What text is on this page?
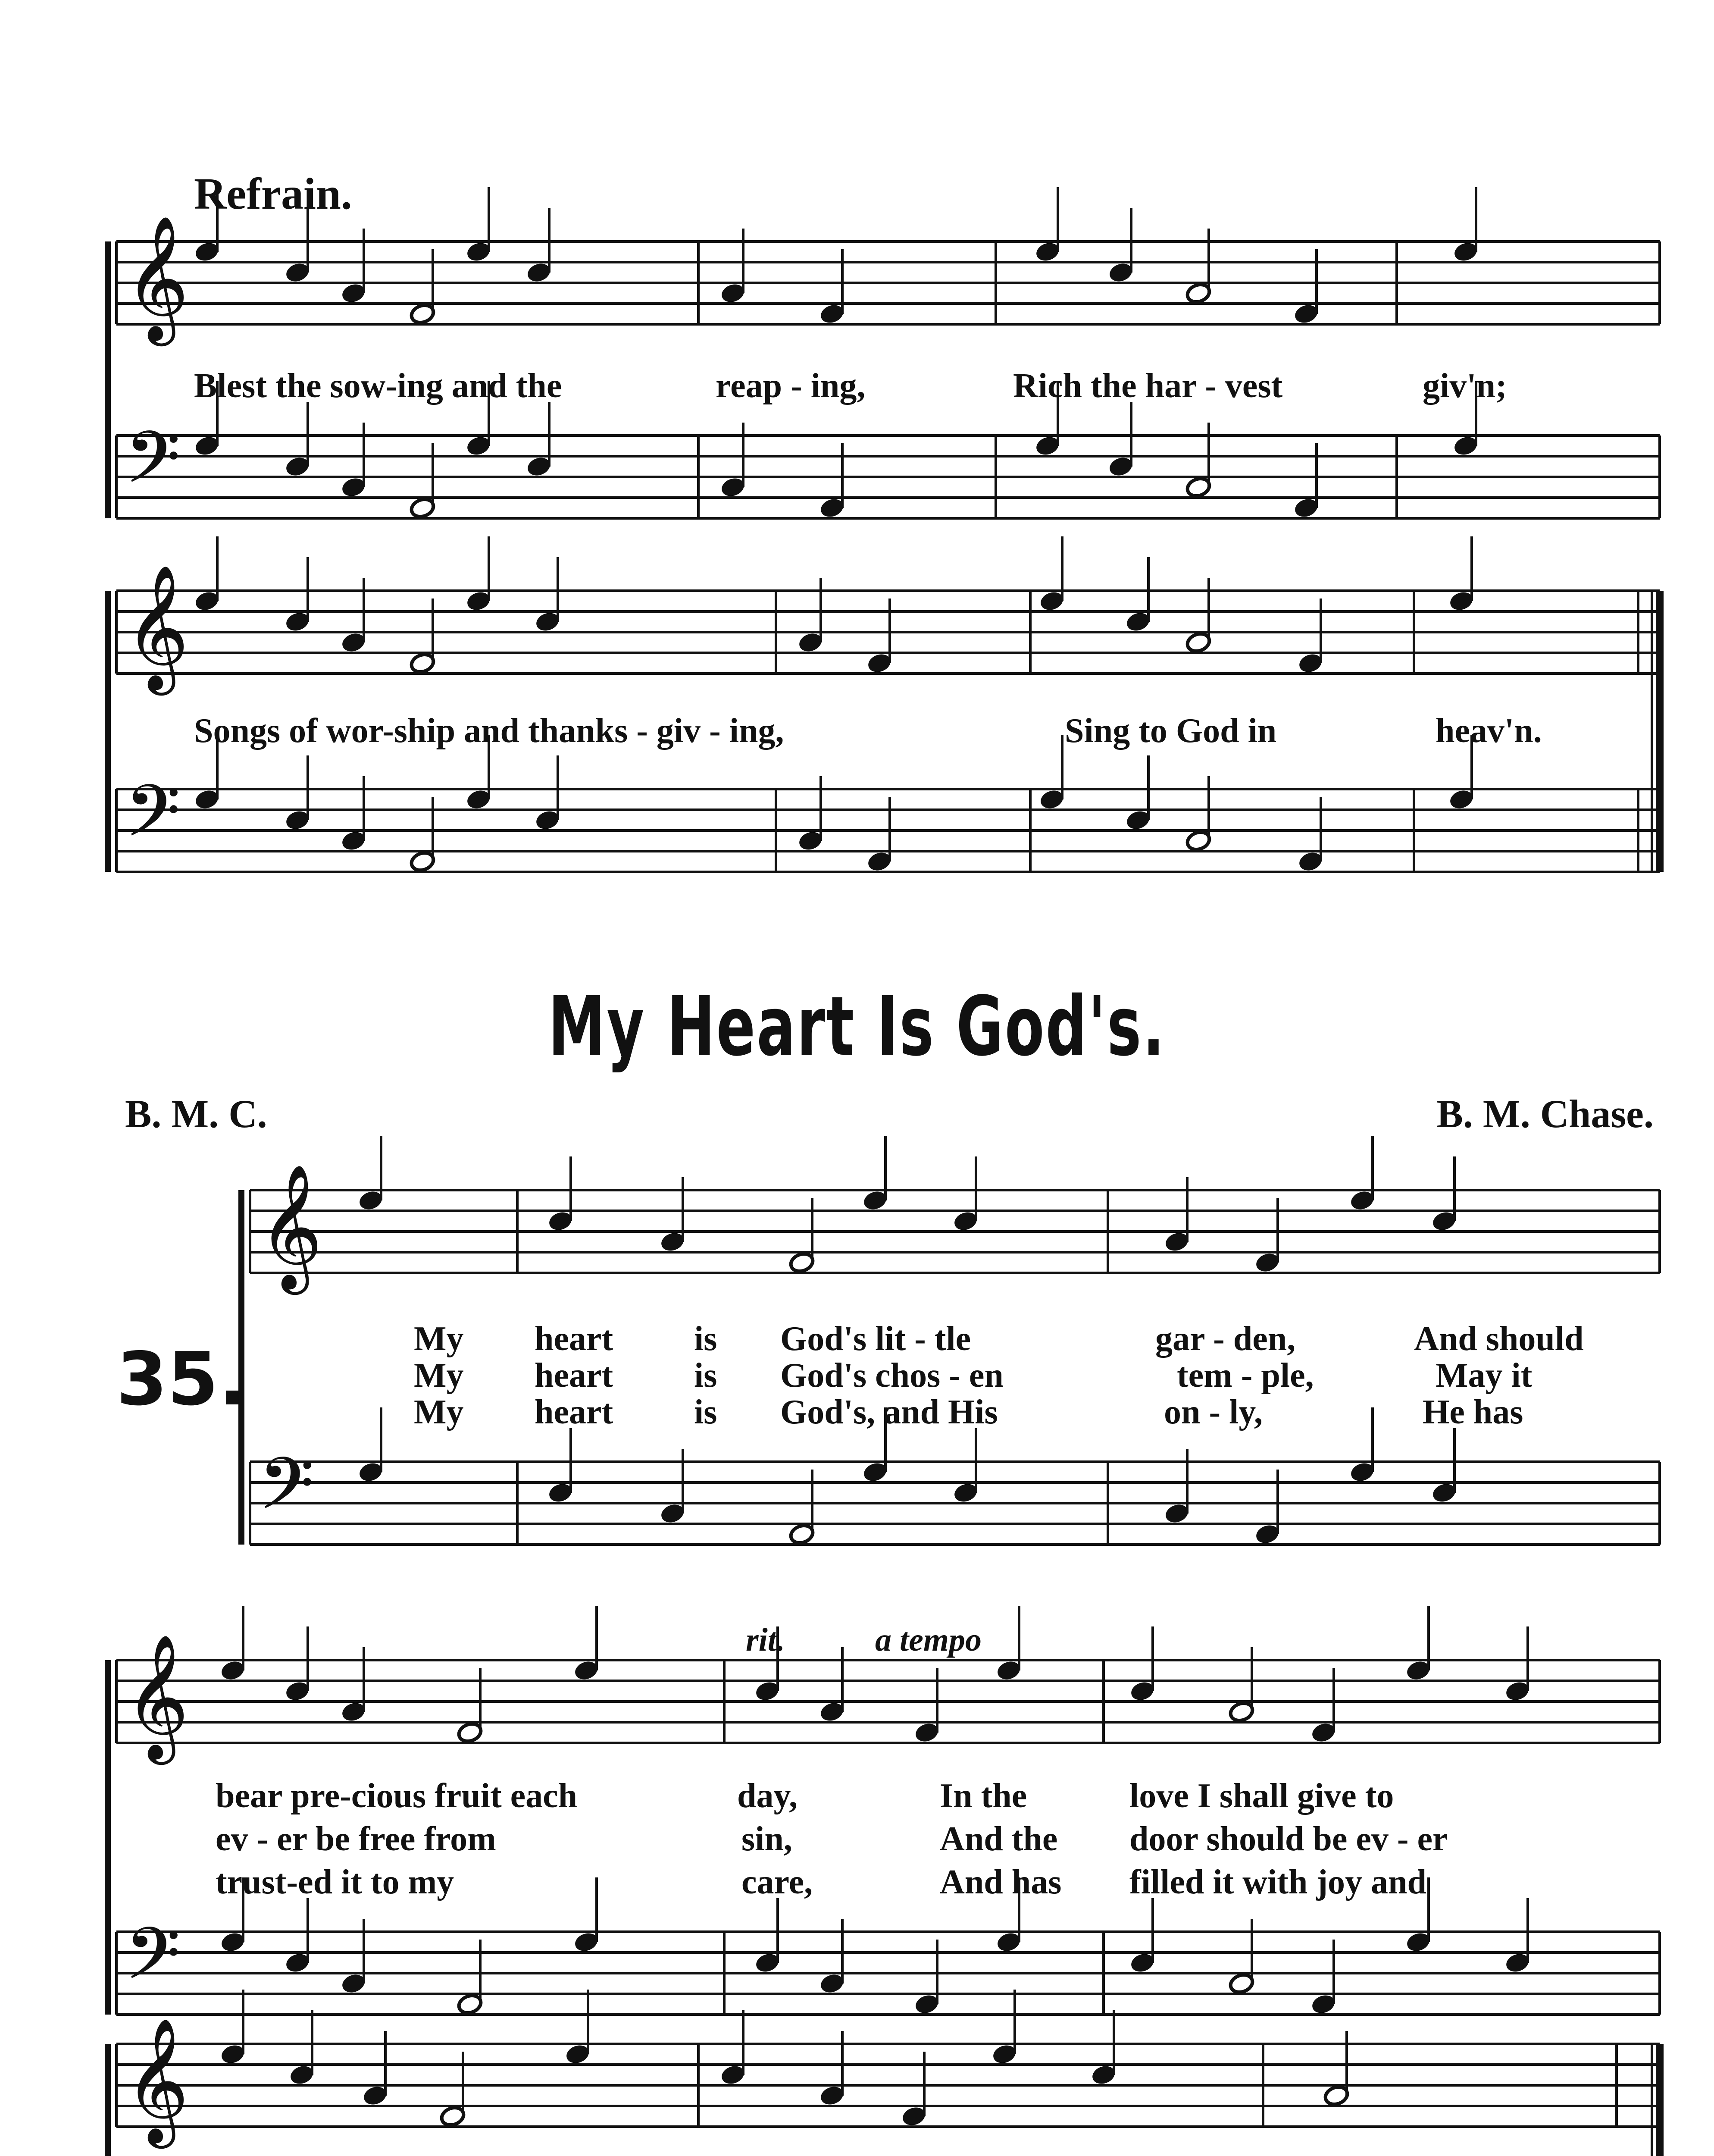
𝄞
𝄢
𝄞
𝄢
𝄞
𝄢
𝄞
𝄢
𝄞
Refrain.
Blest the sow-ing and the	reap - ing,	Rich the har - vest	giv'n;
Songs of wor-ship and thanks - giv - ing,	Sing to God in	heav'n.
My Heart Is God's.
B. M. C.	B. M. Chase.
35.	My heart is God's lit - tle	gar - den,	And should
My heart is God's chos - en	tem - ple,	May it
My heart is God's, and His	on - ly,	He has
rit.	a tempo
bear pre-cious fruit each	day,	In the	love I shall give to
ev - er be free from	sin,	And the door should be ev - er
trust-ed it to my	care,	And has filled it with joy and
